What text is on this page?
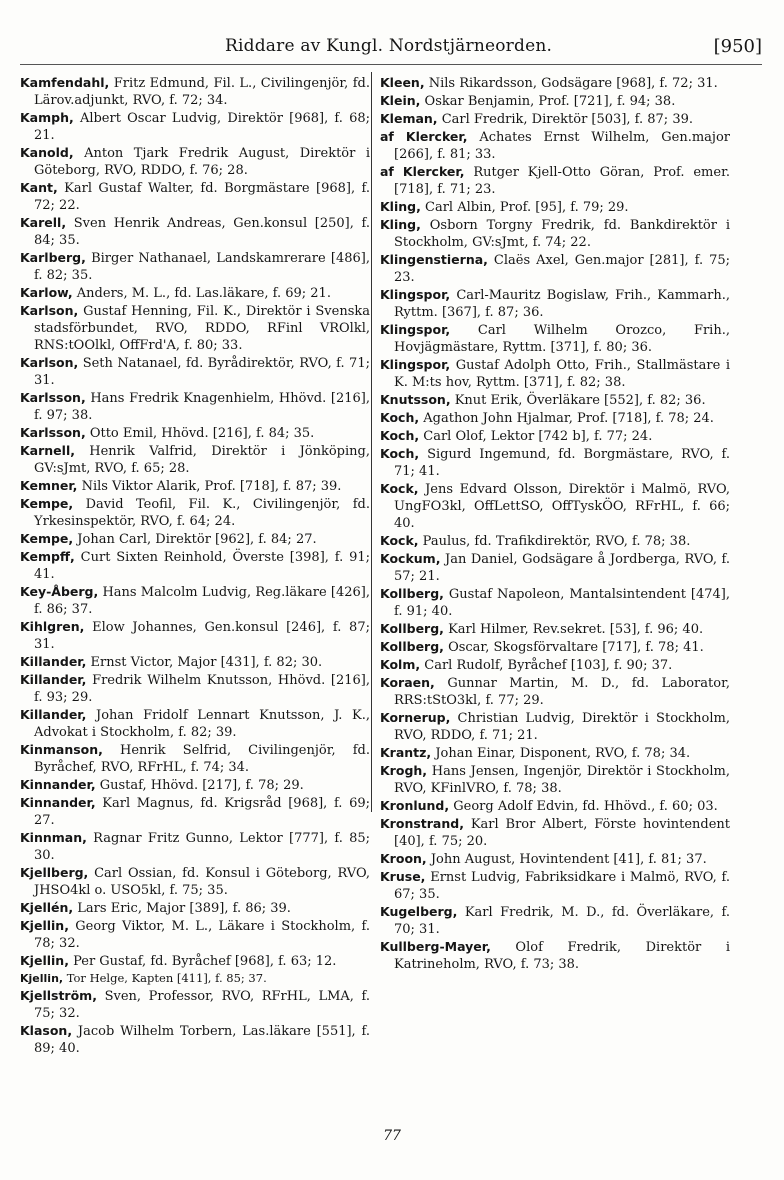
Riddare av Kungl. Nordstjärneorden.	[950]

Kamfendahl, Fritz Edmund, Fil. L., Civilingenjör, fd. Lärov.adjunkt, RVO, f. 72; 34.

Kamph, Albert Oscar Ludvig, Direktör [968], f. 68; 21.

Kanold, Anton Tjark Fredrik August, Direktör i Göteborg, RVO, RDDO, f. 76; 28.

Kant, Karl Gustaf Walter, fd. Borgmästare [968], f. 72; 22.

Karell, Sven Henrik Andreas, Gen.konsul [250], f. 84; 35.

Karlberg, Birger Nathanael, Landskamrerare [486], f. 82; 35.

Karlow, Anders, M. L., fd. Las.läkare, f. 69; 21.

Karlson, Gustaf Henning, Fil. K., Direktör i Svenska stadsförbundet, RVO, RDDO, RFinl VROlkl, RNS:tOOlkl, OffFrd'A, f. 80; 33.

Karlson, Seth Natanael, fd. Byrådirektör, RVO, f. 71; 31.

Karlsson, Hans Fredrik Knagenhielm, Hhövd. [216], f. 97; 38.

Karlsson, Otto Emil, Hhövd. [216], f. 84; 35.

Karnell, Henrik Valfrid, Direktör i Jönköping, GV:sJmt, RVO, f. 65; 28.

Kemner, Nils Viktor Alarik, Prof. [718], f. 87; 39.

Kempe, David Teofil, Fil. K., Civilingenjör, fd. Yrkesinspektör, RVO, f. 64; 24.

Kempe, Johan Carl, Direktör [962], f. 84; 27.

Kempff, Curt Sixten Reinhold, Överste [398], f. 91; 41.

Key-Åberg, Hans Malcolm Ludvig, Reg.läkare [426], f. 86; 37.

Kihlgren, Elow Johannes, Gen.konsul [246], f. 87; 31.

Killander, Ernst Victor, Major [431], f. 82; 30.

Killander, Fredrik Wilhelm Knutsson, Hhövd. [216], f. 93; 29.

Killander, Johan Fridolf Lennart Knutsson, J. K., Advokat i Stockholm, f. 82; 39.

Kinmanson, Henrik Selfrid, Civilingenjör, fd. Byråchef, RVO, RFrHL, f. 74; 34.

Kinnander, Gustaf, Hhövd. [217], f. 78; 29.

Kinnander, Karl Magnus, fd. Krigsråd [968], f. 69; 27.

Kinnman, Ragnar Fritz Gunno, Lektor [777], f. 85; 30.

Kjellberg, Carl Ossian, fd. Konsul i Göteborg, RVO, JHSO4kl o. USO5kl, f. 75; 35.

Kjellén, Lars Eric, Major [389], f. 86; 39.

Kjellin, Georg Viktor, M. L., Läkare i Stockholm, f. 78; 32.

Kjellin, Per Gustaf, fd. Byråchef [968], f. 63; 12.

Kjellin, Tor Helge, Kapten [411], f. 85; 37.

Kjellström, Sven, Professor, RVO, RFrHL, LMA, f. 75; 32.

Klason, Jacob Wilhelm Torbern, Las.läkare [551], f. 89; 40.

Kleen, Nils Rikardsson, Godsägare [968], f. 72; 31.

Klein, Oskar Benjamin, Prof. [721], f. 94; 38.

Kleman, Carl Fredrik, Direktör [503], f. 87; 39.

af Klercker, Achates Ernst Wilhelm, Gen.major [266], f. 81; 33.

af Klercker, Rutger Kjell-Otto Göran, Prof. emer. [718], f. 71; 23.

Kling, Carl Albin, Prof. [95], f. 79; 29.

Kling, Osborn Torgny Fredrik, fd. Bankdirektör i Stockholm, GV:sJmt, f. 74; 22.

Klingenstierna, Claës Axel, Gen.major [281], f. 75; 23.

Klingspor, Carl-Mauritz Bogislaw, Frih., Kammarh., Ryttm. [367], f. 87; 36.

Klingspor, Carl Wilhelm Orozco, Frih., Hovjägmästare, Ryttm. [371], f. 80; 36.

Klingspor, Gustaf Adolph Otto, Frih., Stallmästare i K. M:ts hov, Ryttm. [371], f. 82; 38.

Knutsson, Knut Erik, Överläkare [552], f. 82; 36.

Koch, Agathon John Hjalmar, Prof. [718], f. 78; 24.

Koch, Carl Olof, Lektor [742 b], f. 77; 24.

Koch, Sigurd Ingemund, fd. Borgmästare, RVO, f. 71; 41.

Kock, Jens Edvard Olsson, Direktör i Malmö, RVO, UngFO3kl, OffLettSO, OffTyskÖO, RFrHL, f. 66; 40.

Kock, Paulus, fd. Trafikdirektör, RVO, f. 78; 38.

Kockum, Jan Daniel, Godsägare å Jordberga, RVO, f. 57; 21.

Kollberg, Gustaf Napoleon, Mantalsintendent [474], f. 91; 40.

Kollberg, Karl Hilmer, Rev.sekret. [53], f. 96; 40.

Kollberg, Oscar, Skogsförvaltare [717], f. 78; 41.

Kolm, Carl Rudolf, Byråchef [103], f. 90; 37.

Koraen, Gunnar Martin, M. D., fd. Laborator, RRS:tStO3kl, f. 77; 29.

Kornerup, Christian Ludvig, Direktör i Stockholm, RVO, RDDO, f. 71; 21.

Krantz, Johan Einar, Disponent, RVO, f. 78; 34.

Krogh, Hans Jensen, Ingenjör, Direktör i Stockholm, RVO, KFinlVRO, f. 78; 38.

Kronlund, Georg Adolf Edvin, fd. Hhövd., f. 60; 03.

Kronstrand, Karl Bror Albert, Förste hovintendent [40], f. 75; 20.

Kroon, John August, Hovintendent [41], f. 81; 37.

Kruse, Ernst Ludvig, Fabriksidkare i Malmö, RVO, f. 67; 35.

Kugelberg, Karl Fredrik, M. D., fd. Överläkare, f. 70; 31.

Kullberg-Mayer, Olof Fredrik, Direktör i Katrineholm, RVO, f. 73; 38.

77
